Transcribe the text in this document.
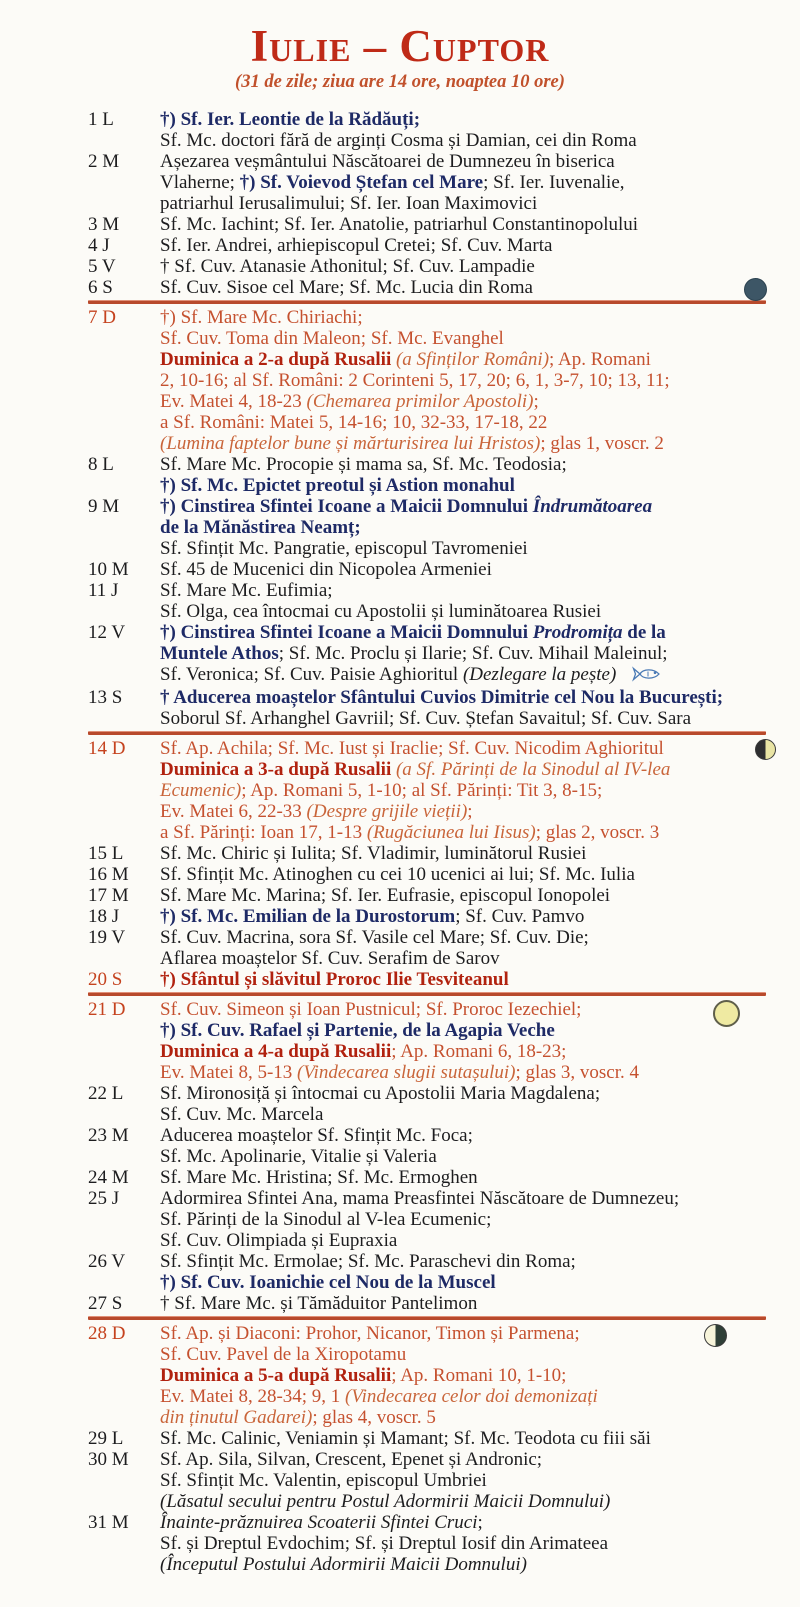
Iulie – Cuptor
(31 de zile; ziua are 14 ore, noaptea 10 ore)
1 L	†) Sf. Ier. Leontie de la Rădăuți;
Sf. Mc. doctori fără de arginți Cosma și Damian, cei din Roma
2 M	Așezarea veșmântului Născătoarei de Dumnezeu în biserica
Vlaherne; †) Sf. Voievod Ștefan cel Mare; Sf. Ier. Iuvenalie,
patriarhul Ierusalimului; Sf. Ier. Ioan Maximovici
3 M	Sf. Mc. Iachint; Sf. Ier. Anatolie, patriarhul Constantinopolului
4 J	Sf. Ier. Andrei, arhiepiscopul Cretei; Sf. Cuv. Marta
5 V	† Sf. Cuv. Atanasie Athonitul; Sf. Cuv. Lampadie
6 S	Sf. Cuv. Sisoe cel Mare; Sf. Mc. Lucia din Roma
7 D	†) Sf. Mare Mc. Chiriachi;
Sf. Cuv. Toma din Maleon; Sf. Mc. Evanghel
Duminica a 2-a după Rusalii (a Sfinților Români); Ap. Romani
2, 10-16; al Sf. Români: 2 Corinteni 5, 17, 20; 6, 1, 3-7, 10; 13, 11;
Ev. Matei 4, 18-23 (Chemarea primilor Apostoli);
a Sf. Români: Matei 5, 14-16; 10, 32-33, 17-18, 22
(Lumina faptelor bune și mărturisirea lui Hristos); glas 1, voscr. 2
8 L	Sf. Mare Mc. Procopie și mama sa, Sf. Mc. Teodosia;
†) Sf. Mc. Epictet preotul și Astion monahul
9 M	†) Cinstirea Sfintei Icoane a Maicii Domnului Îndrumătoarea
de la Mănăstirea Neamț;
Sf. Sfințit Mc. Pangratie, episcopul Tavromeniei
10 M	Sf. 45 de Mucenici din Nicopolea Armeniei
11 J	Sf. Mare Mc. Eufimia;
Sf. Olga, cea întocmai cu Apostolii și luminătoarea Rusiei
12 V	†) Cinstirea Sfintei Icoane a Maicii Domnului Prodromița de la
Muntele Athos; Sf. Mc. Proclu și Ilarie; Sf. Cuv. Mihail Maleinul;
Sf. Veronica; Sf. Cuv. Paisie Aghioritul (Dezlegare la pește)
13 S	† Aducerea moaștelor Sfântului Cuvios Dimitrie cel Nou la București;
Soborul Sf. Arhanghel Gavriil; Sf. Cuv. Ștefan Savaitul; Sf. Cuv. Sara
14 D	Sf. Ap. Achila; Sf. Mc. Iust și Iraclie; Sf. Cuv. Nicodim Aghioritul
Duminica a 3-a după Rusalii (a Sf. Părinți de la Sinodul al IV-lea
Ecumenic); Ap. Romani 5, 1-10; al Sf. Părinți: Tit 3, 8-15;
Ev. Matei 6, 22-33 (Despre grijile vieții);
a Sf. Părinți: Ioan 17, 1-13 (Rugăciunea lui Iisus); glas 2, voscr. 3
15 L	Sf. Mc. Chiric și Iulita; Sf. Vladimir, luminătorul Rusiei
16 M	Sf. Sfințit Mc. Atinoghen cu cei 10 ucenici ai lui; Sf. Mc. Iulia
17 M	Sf. Mare Mc. Marina; Sf. Ier. Eufrasie, episcopul Ionopolei
18 J	†) Sf. Mc. Emilian de la Durostorum; Sf. Cuv. Pamvo
19 V	Sf. Cuv. Macrina, sora Sf. Vasile cel Mare; Sf. Cuv. Die;
Aflarea moaștelor Sf. Cuv. Serafim de Sarov
20 S	†) Sfântul și slăvitul Proroc Ilie Tesviteanul
21 D	Sf. Cuv. Simeon și Ioan Pustnicul; Sf. Proroc Iezechiel;
†) Sf. Cuv. Rafael și Partenie, de la Agapia Veche
Duminica a 4-a după Rusalii; Ap. Romani 6, 18-23;
Ev. Matei 8, 5-13 (Vindecarea slugii sutașului); glas 3, voscr. 4
22 L	Sf. Mironosiță și întocmai cu Apostolii Maria Magdalena;
Sf. Cuv. Mc. Marcela
23 M	Aducerea moaștelor Sf. Sfințit Mc. Foca;
Sf. Mc. Apolinarie, Vitalie și Valeria
24 M	Sf. Mare Mc. Hristina; Sf. Mc. Ermoghen
25 J	Adormirea Sfintei Ana, mama Preasfintei Născătoare de Dumnezeu;
Sf. Părinți de la Sinodul al V-lea Ecumenic;
Sf. Cuv. Olimpiada și Eupraxia
26 V	Sf. Sfințit Mc. Ermolae; Sf. Mc. Paraschevi din Roma;
†) Sf. Cuv. Ioanichie cel Nou de la Muscel
27 S	† Sf. Mare Mc. și Tămăduitor Pantelimon
28 D	Sf. Ap. și Diaconi: Prohor, Nicanor, Timon și Parmena;
Sf. Cuv. Pavel de la Xiropotamu
Duminica a 5-a după Rusalii; Ap. Romani 10, 1-10;
Ev. Matei 8, 28-34; 9, 1 (Vindecarea celor doi demonizați
din ținutul Gadarei); glas 4, voscr. 5
29 L	Sf. Mc. Calinic, Veniamin și Mamant; Sf. Mc. Teodota cu fiii săi
30 M	Sf. Ap. Sila, Silvan, Crescent, Epenet și Andronic;
Sf. Sfințit Mc. Valentin, episcopul Umbriei
(Lăsatul secului pentru Postul Adormirii Maicii Domnului)
31 M	Înainte-prăznuirea Scoaterii Sfintei Cruci;
Sf. și Dreptul Evdochim; Sf. și Dreptul Iosif din Arimateea
(Începutul Postului Adormirii Maicii Domnului)
